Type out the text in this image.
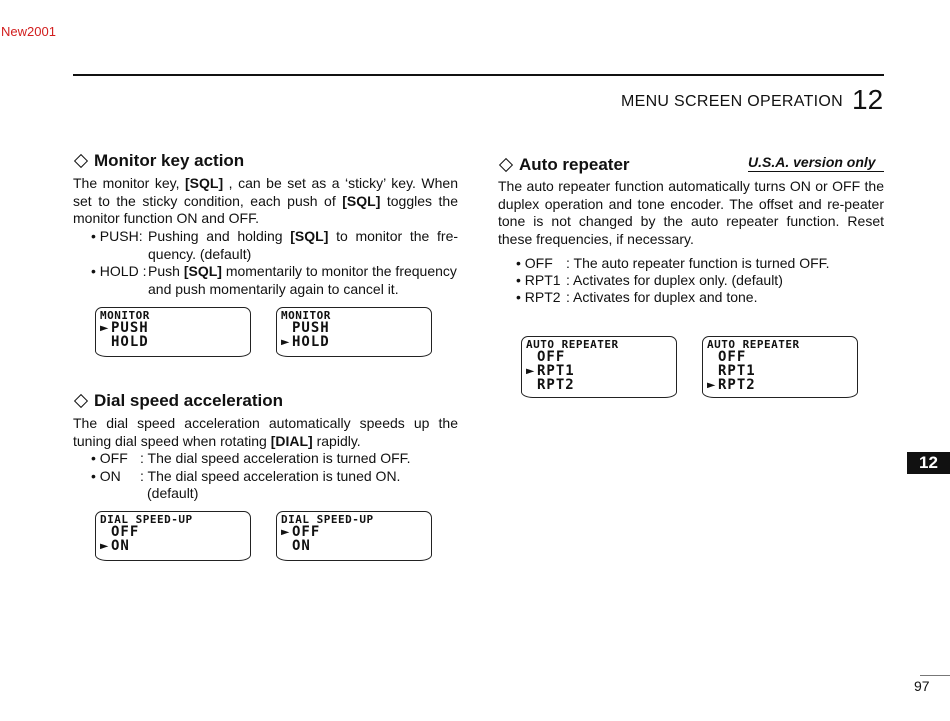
New2001
MENU SCREEN OPERATION 12
Monitor key action
The monitor key, [SQL] , can be set as a ‘sticky’ key. When set to the sticky condition, each push of [SQL] toggles the monitor function ON and OFF.
• PUSH: Pushing and holding [SQL] to monitor the fre-quency. (default)
• HOLD : Push [SQL] momentarily to monitor the frequency and push momentarily again to cancel it.
MONITOR
► PUSH
HOLD
MONITOR
PUSH
► HOLD
Dial speed acceleration
The dial speed acceleration automatically speeds up the tuning dial speed when rotating [DIAL] rapidly.
• OFF : The dial speed acceleration is turned OFF.
• ON : The dial speed acceleration is tuned ON.
(default)
DIAL SPEED-UP
OFF
► ON
DIAL SPEED-UP
► OFF
ON
Auto repeater	U.S.A. version only
The auto repeater function automatically turns ON or OFF the duplex operation and tone encoder. The offset and re-peater tone is not changed by the auto repeater function. Reset these frequencies, if necessary.
• OFF : The auto repeater function is turned OFF.
• RPT1 : Activates for duplex only. (default)
• RPT2 : Activates for duplex and tone.
AUTO REPEATER
OFF
► RPT1
RPT2
AUTO REPEATER
OFF
RPT1
► RPT2
12
97
